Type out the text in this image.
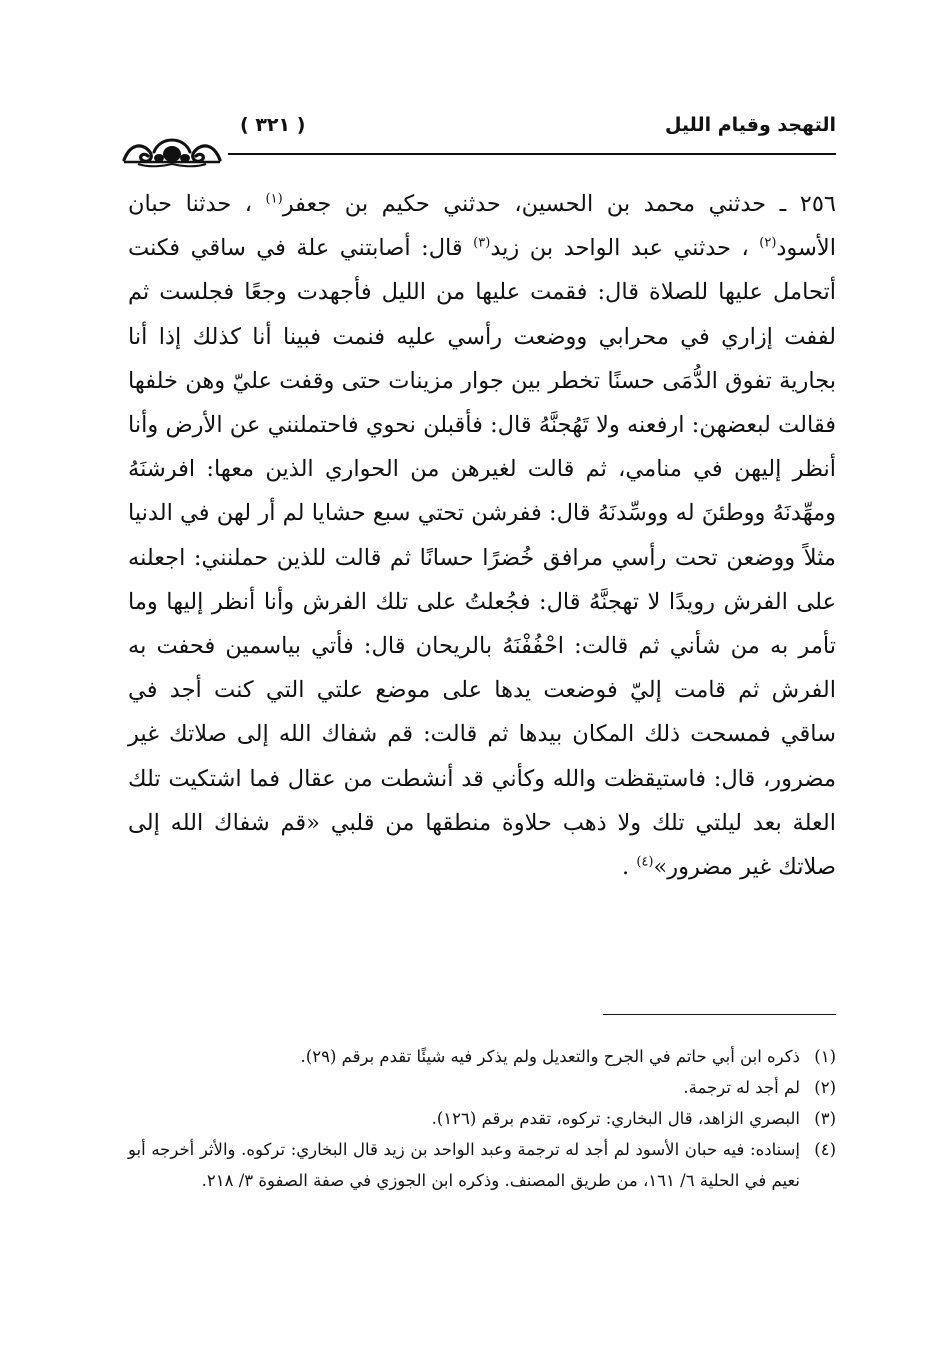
التهجد وقيام الليل
( ٣٢١ )

٢٥٦ ـ حدثني محمد بن الحسين، حدثني حكيم بن جعفر$^{(١)}$ ، حدثنا حبان الأسود$^{(٢)}$ ، حدثني عبد الواحد بن زيد$^{(٣)}$ قال: أصابتني علة في ساقي فكنت أتحامل عليها للصلاة قال: فقمت عليها من الليل فأجهدت وجعًا فجلست ثم لففت إزاري في محرابي ووضعت رأسي عليه فنمت فبينا أنا كذلك إذا أنا بجارية تفوق الدُّمَى حسنًا تخطر بين جوار مزينات حتى وقفت عليّ وهن خلفها فقالت لبعضهن: ارفعنه ولا تَهُجنَّهُ قال: فأقبلن نحوي فاحتملنني عن الأرض وأنا أنظر إليهن في منامي، ثم قالت لغيرهن من الحواري الذين معها: افرشنَهُ ومهِّدنَهُ ووطئنَ له ووسِّدنَهُ قال: ففرشن تحتي سبع حشايا لم أر لهن في الدنيا مثلاً ووضعن تحت رأسي مرافق خُضرًا حسانًا ثم قالت للذين حملنني: اجعلنه على الفرش رويدًا لا تهجنَّهُ قال: فجُعلتُ على تلك الفرش وأنا أنظر إليها وما تأمر به من شأني ثم قالت: احْفُفْنَهُ بالريحان قال: فأتي بياسمين فحفت به الفرش ثم قامت إليّ فوضعت يدها على موضع علتي التي كنت أجد في ساقي فمسحت ذلك المكان بيدها ثم قالت: قم شفاك الله إلى صلاتك غير مضرور، قال: فاستيقظت والله وكأني قد أنشطت من عقال فما اشتكيت تلك العلة بعد ليلتي تلك ولا ذهب حلاوة منطقها من قلبي «قم شفاك الله إلى صلاتك غير مضرور»$^{(٤)}$ .

(١)
ذكره ابن أبي حاتم في الجرح والتعديل ولم يذكر فيه شيئًا تقدم برقم (٢٩).
(٢)
لم أجد له ترجمة.
(٣)
البصري الزاهد، قال البخاري: تركوه، تقدم برقم (١٢٦).
(٤)
إسناده: فيه حبان الأسود لم أجد له ترجمة وعبد الواحد بن زيد قال البخاري: تركوه. والأثر أخرجه أبو نعيم في الحلية ٦/ ١٦١، من طريق المصنف. وذكره ابن الجوزي في صفة الصفوة ٣/ ٢١٨.
